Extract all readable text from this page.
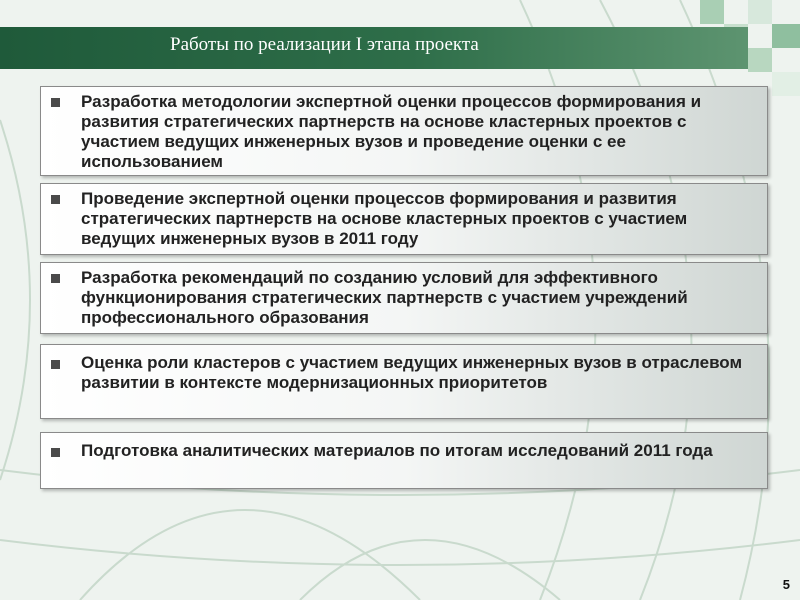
Работы по реализации I этапа проекта
Разработка методологии экспертной оценки процессов формирования и развития стратегических партнерств на основе кластерных проектов с участием ведущих инженерных вузов и проведение оценки с ее использованием
Проведение экспертной оценки процессов формирования и развития стратегических партнерств на основе кластерных проектов с участием ведущих инженерных вузов в 2011 году
Разработка рекомендаций по созданию условий для эффективного функционирования стратегических партнерств с участием учреждений профессионального образования
Оценка роли кластеров с участием ведущих инженерных вузов в отраслевом развитии в контексте модернизационных приоритетов
Подготовка аналитических материалов по итогам исследований 2011 года
5
